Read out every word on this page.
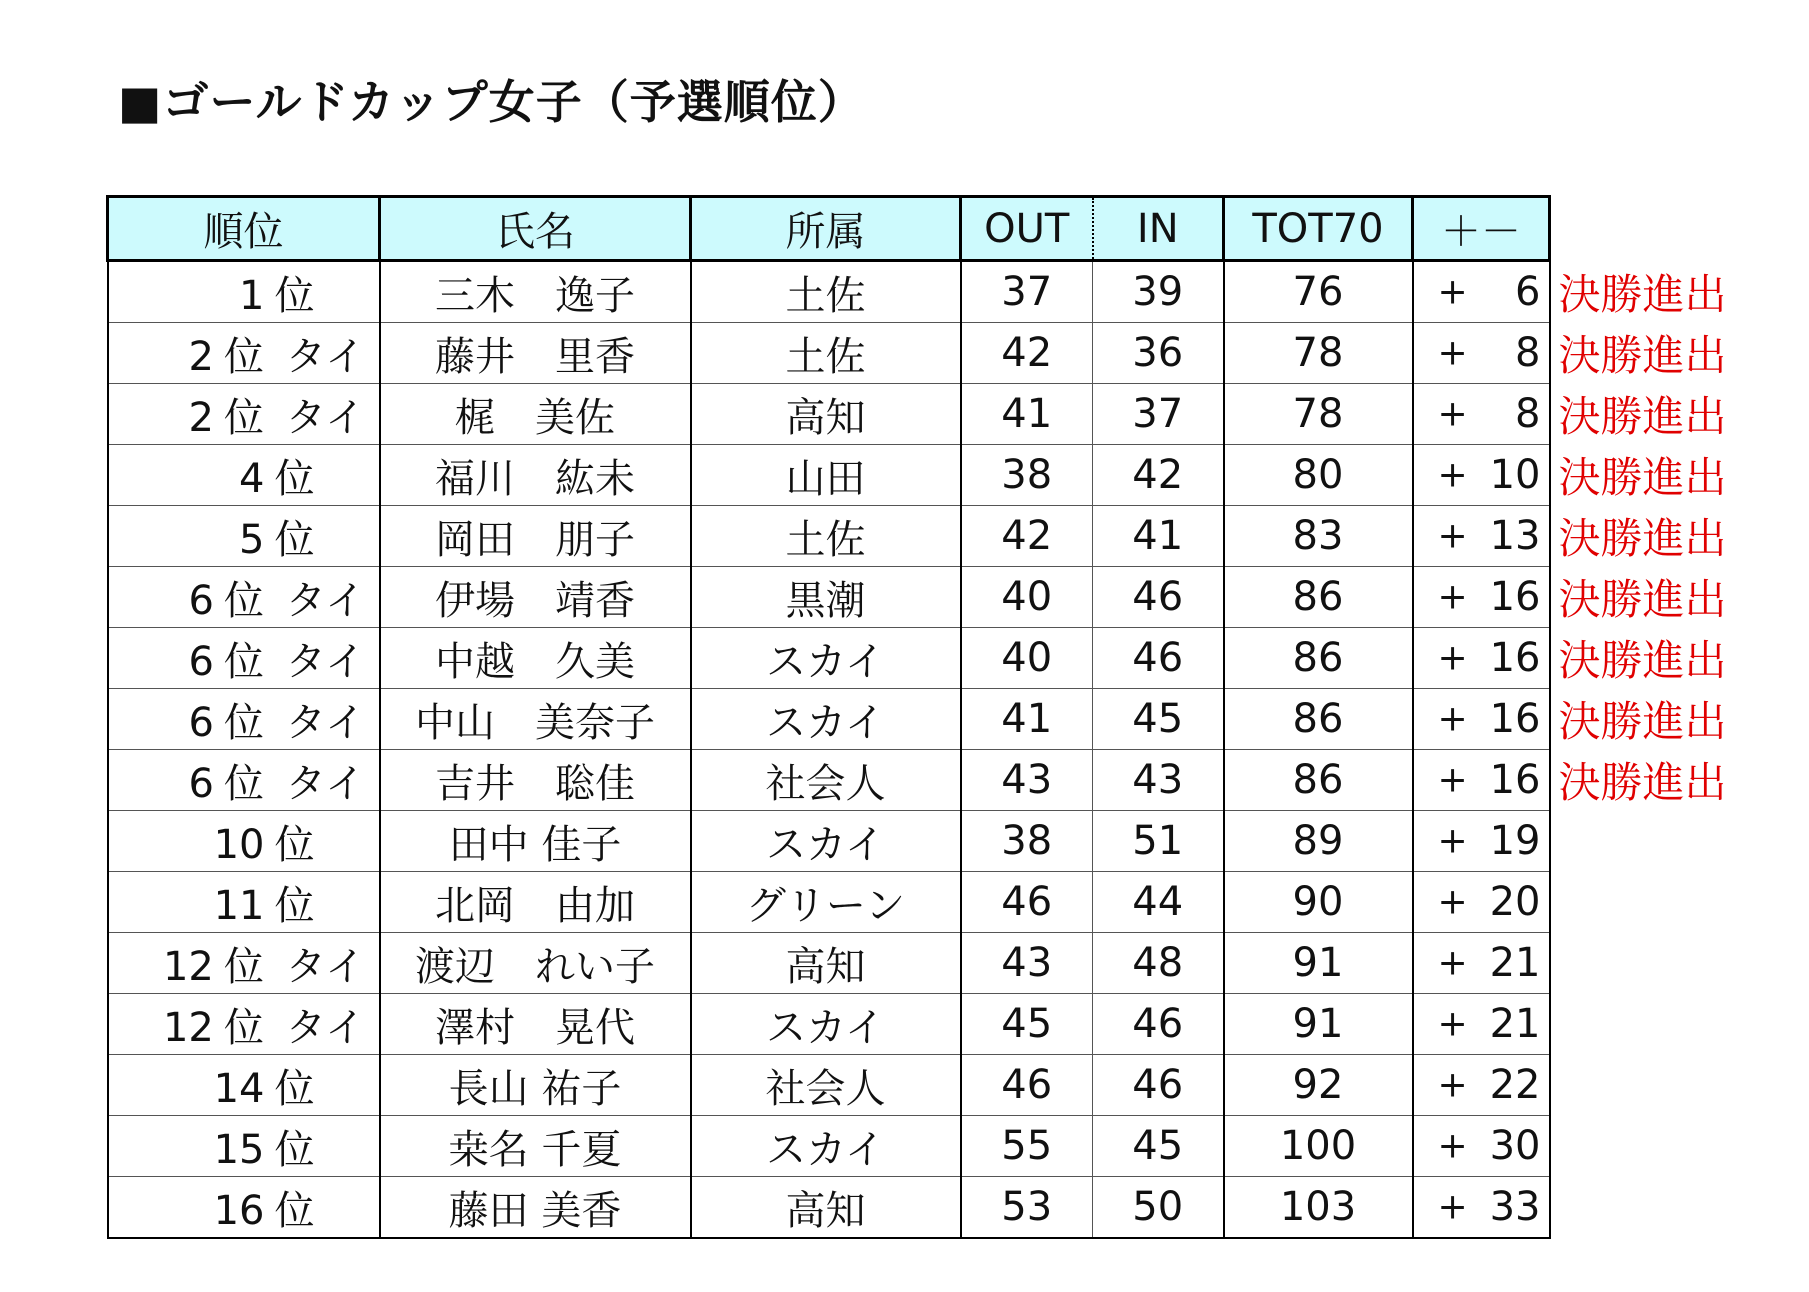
■ゴールドカップ女子（予選順位）
順位	氏名	所属	OUT	IN	TOT70	＋－
1 位	三木　逸子	土佐	37	39	76	+ 6 決勝進出

2 位 タイ	藤井　里香	土佐	42	36	78	+ 8 決勝進出

2 位 タイ	梶　美佐	高知	41	37	78	+ 8 決勝進出

4 位	福川　紘未	山田	38	42	80	+ 10 決勝進出

5 位	岡田　朋子	土佐	42	41	83	+ 13 決勝進出

6 位 タイ	伊場　靖香	黒潮	40	46	86	+ 16 決勝進出

6 位 タイ	中越　久美	スカイ	40	46	86	+ 16 決勝進出

6 位 タイ	中山　美奈子	スカイ	41	45	86	+ 16 決勝進出

6 位 タイ	吉井　聡佳	社会人	43	43	86	+ 16 決勝進出

10 位	田中 佳子	スカイ	38	51	89	+ 19

11 位	北岡　由加	グリーン	46	44	90	+ 20

12 位 タイ	渡辺　れい子	高知	43	48	91	+ 21

12 位 タイ	澤村　晃代	スカイ	45	46	91	+ 21

14 位	長山 祐子	社会人	46	46	92	+ 22

15 位	桒名 千夏	スカイ	55	45	100	+ 30

16 位	藤田 美香	高知	53	50	103	+ 33
